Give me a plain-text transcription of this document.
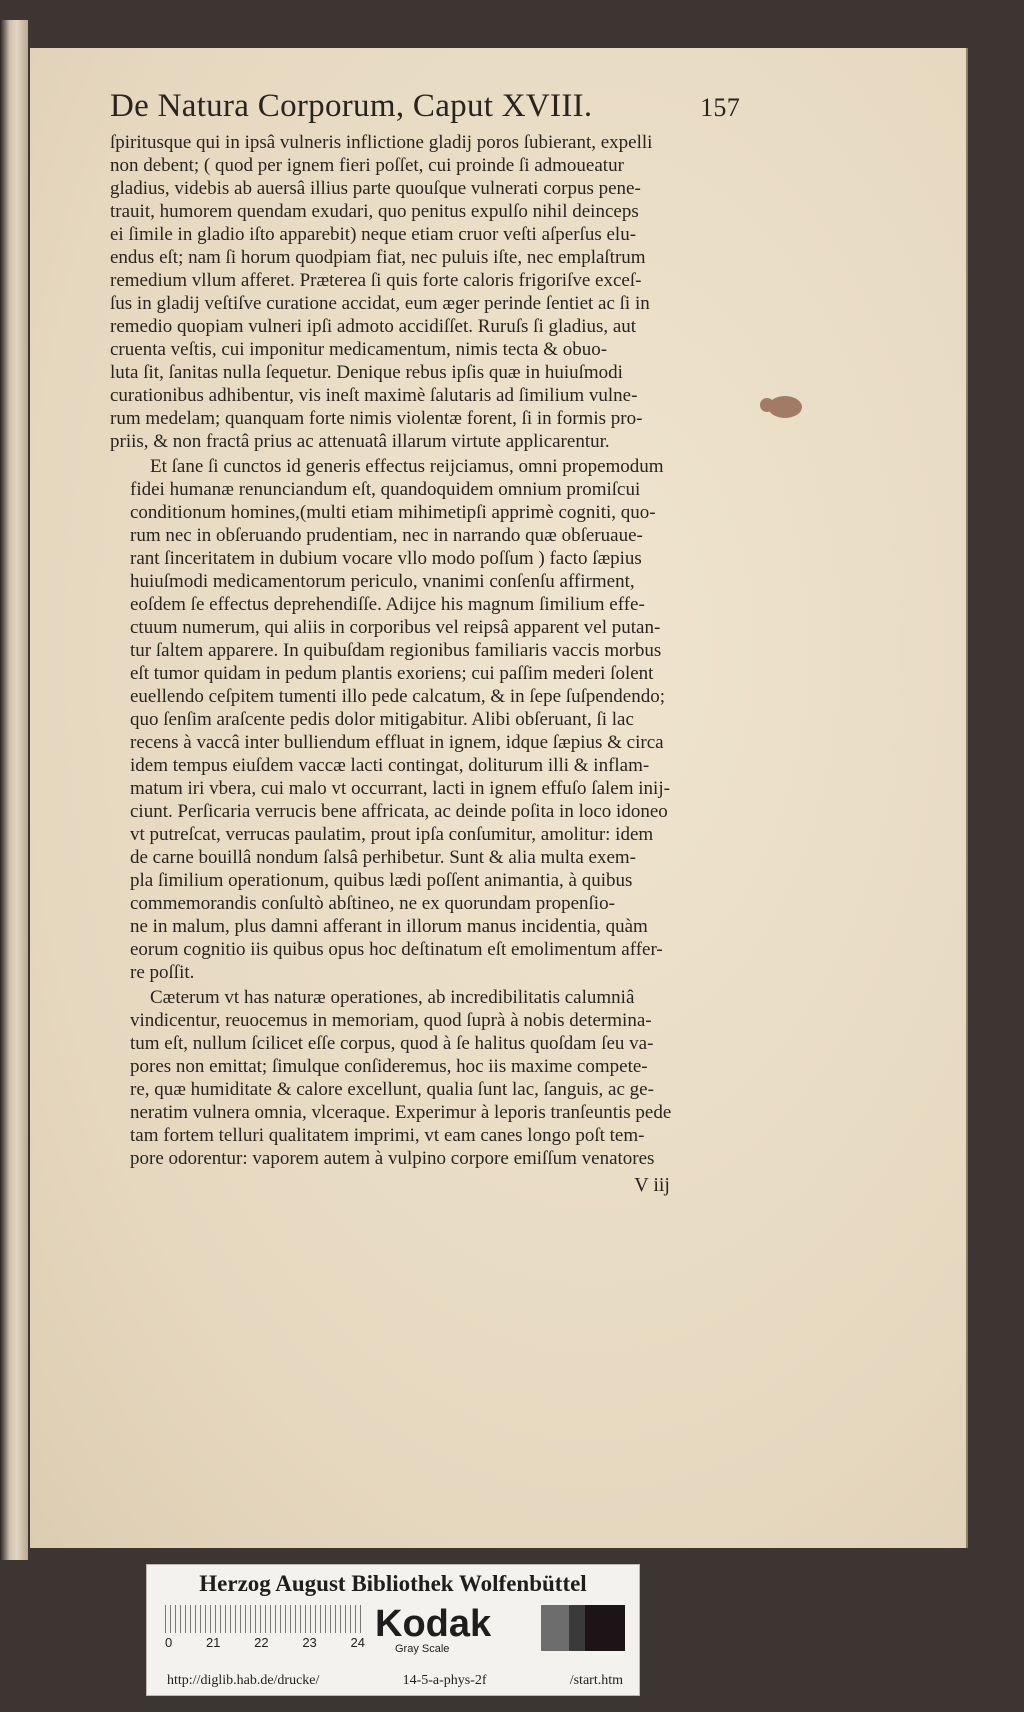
De Natura Corporum, Caput XVIII.	157
ſpiritusque qui in ipsâ vulneris inflictione gladij poros ſubierant, expelli
non debent; ( quod per ignem fieri poſſet, cui proinde ſi admoueatur
gladius, videbis ab auersâ illius parte quouſque vulnerati corpus pene-
trauit, humorem quendam exudari, quo penitus expulſo nihil deinceps
ei ſimile in gladio iſto apparebit) neque etiam cruor veſti aſperſus elu-
endus eſt; nam ſi horum quodpiam fiat, nec puluis iſte, nec emplaſtrum
remedium vllum afferet. Præterea ſi quis forte caloris frigoriſve exceſ-
ſus in gladij veſtiſve curatione accidat, eum æger perinde ſentiet ac ſi in
remedio quopiam vulneri ipſi admoto accidiſſet. Ruruſs ſi gladius, aut
cruenta veſtis, cui imponitur medicamentum, nimis tecta & obuo-
luta ſit, ſanitas nulla ſequetur. Denique rebus ipſis quæ in huiuſmodi
curationibus adhibentur, vis ineſt maximè ſalutaris ad ſimilium vulne-
rum medelam; quanquam forte nimis violentæ forent, ſi in formis pro-
priis, & non fractâ prius ac attenuatâ illarum virtute applicarentur.
Et ſane ſi cunctos id generis effectus reijciamus, omni propemodum
fidei humanæ renunciandum eſt, quandoquidem omnium promiſcui
conditionum homines,(multi etiam mihimetipſi apprimè cogniti, quo-
rum nec in obſeruando prudentiam, nec in narrando quæ obſeruaue-
rant ſinceritatem in dubium vocare vllo modo poſſum ) facto ſæpius
huiuſmodi medicamentorum periculo, vnanimi conſenſu affirment,
eoſdem ſe effectus deprehendiſſe. Adijce his magnum ſimilium effe-
ctuum numerum, qui aliis in corporibus vel reipsâ apparent vel putan-
tur ſaltem apparere. In quibuſdam regionibus familiaris vaccis morbus
eſt tumor quidam in pedum plantis exoriens; cui paſſim mederi ſolent
euellendo ceſpitem tumenti illo pede calcatum, & in ſepe ſuſpendendo;
quo ſenſim araſcente pedis dolor mitigabitur. Alibi obſeruant, ſi lac
recens à vaccâ inter bulliendum effluat in ignem, idque ſæpius & circa
idem tempus eiuſdem vaccæ lacti contingat, doliturum illi & inflam-
matum iri vbera, cui malo vt occurrant, lacti in ignem effuſo ſalem inij-
ciunt. Perſicaria verrucis bene affricata, ac deinde poſita in loco idoneo
vt putreſcat, verrucas paulatim, prout ipſa conſumitur, amolitur: idem
de carne bouillâ nondum ſalsâ perhibetur. Sunt & alia multa exem-
pla ſimilium operationum, quibus lædi poſſent animantia, à quibus
commemorandis conſultò abſtineo, ne ex quorundam propenſio-
ne in malum, plus damni afferant in illorum manus incidentia, quàm
eorum cognitio iis quibus opus hoc deſtinatum eſt emolimentum affer-
re poſſit.
Cæterum vt has naturæ operationes, ab incredibilitatis calumniâ
vindicentur, reuocemus in memoriam, quod ſuprà à nobis determina-
tum eſt, nullum ſcilicet eſſe corpus, quod à ſe halitus quoſdam ſeu va-
pores non emittat; ſimulque conſideremus, hoc iis maxime compete-
re, quæ humiditate & calore excellunt, qualia ſunt lac, ſanguis, ac ge-
neratim vulnera omnia, vlceraque. Experimur à leporis tranſeuntis pede
tam fortem telluri qualitatem imprimi, vt eam canes longo poſt tem-
pore odorentur: vaporem autem à vulpino corpore emiſſum venatores
V iij
Herzog August Bibliothek Wolfenbüttel
0	21	22	23	24 Kodak
Gray Scale
http://diglib.hab.de/drucke/	14-5-a-phys-2f	/start.htm
